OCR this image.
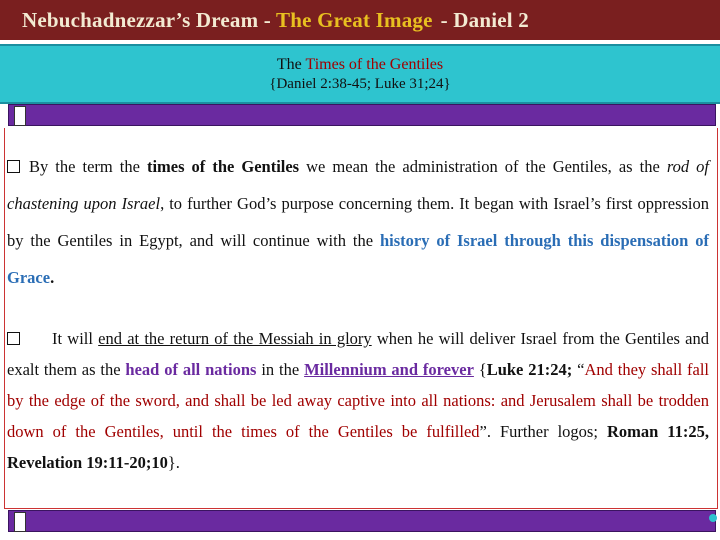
Nebuchadnezzar’s Dream - The Great Image - Daniel 2
The Times of the Gentiles
{Daniel 2:38-45; Luke 31;24}
By the term the times of the Gentiles we mean the administration of the Gentiles, as the rod of chastening upon Israel, to further God’s purpose concerning them. It began with Israel’s first oppression by the Gentiles in Egypt, and will continue with the history of Israel through this dispensation of Grace.
It will end at the return of the Messiah in glory when he will deliver Israel from the Gentiles and exalt them as the head of all nations in the Millennium and forever {Luke 21:24; “And they shall fall by the edge of the sword, and shall be led away captive into all nations: and Jerusalem shall be trodden down of the Gentiles, until the times of the Gentiles be fulfilled”. Further logos; Roman 11:25, Revelation 19:11-20;10}.
